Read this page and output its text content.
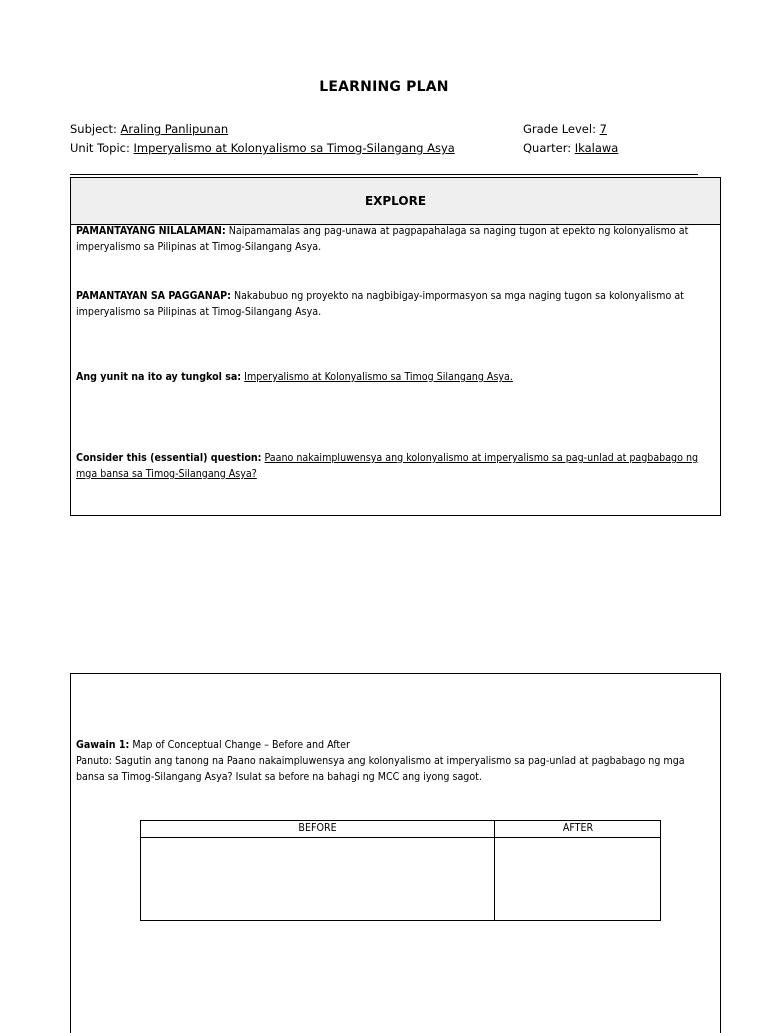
LEARNING PLAN
Subject: Araling Panlipunan
Unit Topic: Imperyalismo at Kolonyalismo sa Timog-Silangang Asya
Grade Level: 7
Quarter: Ikalawa
EXPLORE
PAMANTAYANG NILALAMAN: Naipamamalas ang pag-unawa at pagpapahalaga sa naging tugon at epekto ng kolonyalismo at imperyalismo sa Pilipinas at Timog-Silangang Asya.
PAMANTAYAN SA PAGGANAP: Nakabubuo ng proyekto na nagbibigay-impormasyon sa mga naging tugon sa kolonyalismo at imperyalismo sa Pilipinas at Timog-Silangang Asya.
Ang yunit na ito ay tungkol sa: Imperyalismo at Kolonyalismo sa Timog Silangang Asya.
Consider this (essential) question: Paano nakaimpluwensya ang kolonyalismo at imperyalismo sa pag-unlad at pagbabago ng mga bansa sa Timog-Silangang Asya?
Gawain 1: Map of Conceptual Change – Before and After
Panuto: Sagutin ang tanong na Paano nakaimpluwensya ang kolonyalismo at imperyalismo sa pag-unlad at pagbabago ng mga bansa sa Timog-Silangang Asya? Isulat sa before na bahagi ng MCC ang iyong sagot.
BEFORE	AFTER
